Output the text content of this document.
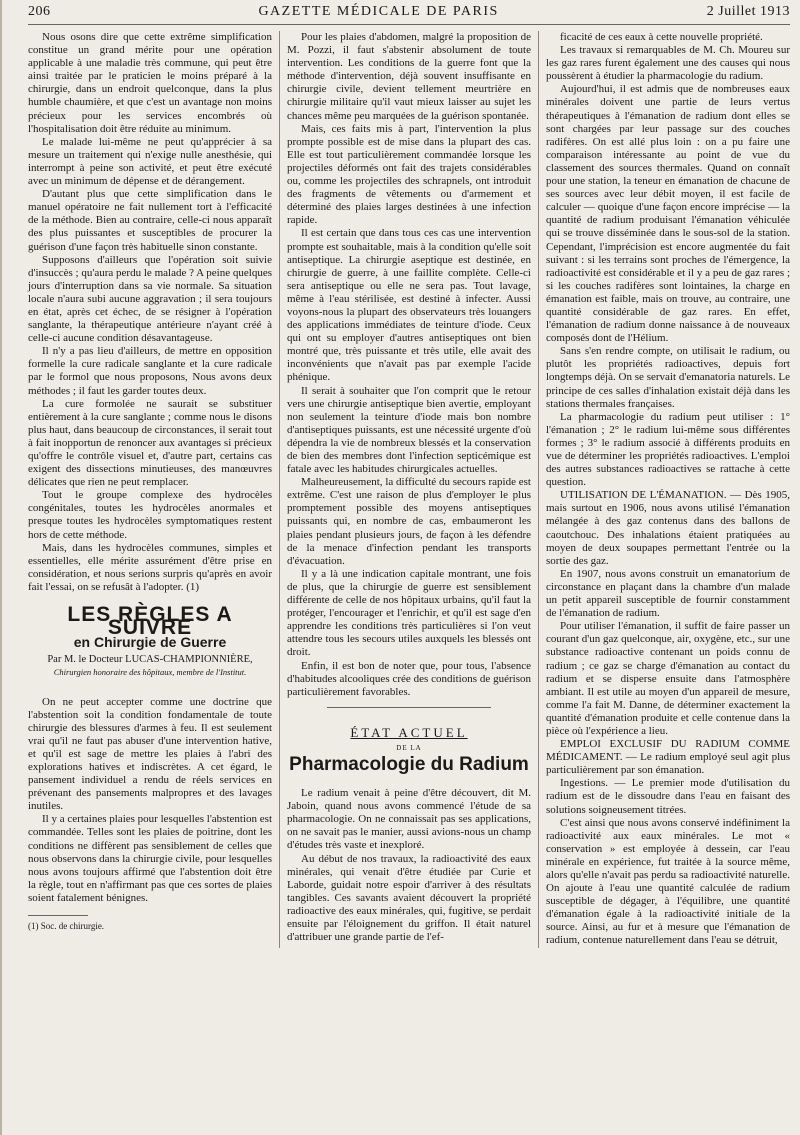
206	GAZETTE MÉDICALE DE PARIS	2 Juillet 1913

Nous osons dire que cette extrême simplification constitue un grand mérite pour une opération applicable à une maladie très commune, qui peut être ainsi traitée par le praticien le moins préparé à la chirurgie, dans un endroit quelconque, dans la plus humble chaumière, et que c'est un avantage non moins précieux pour les services encombrés où l'hospitalisation doit être réduite au minimum.

Le malade lui-même ne peut qu'apprécier à sa mesure un traitement qui n'exige nulle anesthésie, qui interrompt à peine son activité, et peut être exécuté avec un minimum de dépense et de dérangement.

D'autant plus que cette simplification dans le manuel opératoire ne fait nullement tort à l'efficacité de la méthode. Bien au contraire, celle-ci nous apparaît des plus puissantes et susceptibles de procurer la guérison d'une façon très habituelle sinon constante.

Supposons d'ailleurs que l'opération soit suivie d'insuccès ; qu'aura perdu le malade ? A peine quelques jours d'interruption dans sa vie normale. Sa situation locale n'aura subi aucune aggravation ; il sera toujours en état, après cet échec, de se résigner à l'opération sanglante, la thérapeutique antérieure n'ayant créé à celle-ci aucune condition désavantageuse.

Il n'y a pas lieu d'ailleurs, de mettre en opposition formelle la cure radicale sanglante et la cure radicale par le formol que nous proposons, Nous avons deux méthodes ; il faut les garder toutes deux.

La cure formolée ne saurait se substituer entièrement à la cure sanglante ; comme nous le disons plus haut, dans beaucoup de circonstances, il serait tout à fait inopportun de renoncer aux avantages si précieux qu'offre le contrôle visuel et, d'autre part, certains cas exigent des dissections minutieuses, des manœuvres délicates que rien ne peut remplacer.

Tout le groupe complexe des hydrocèles congénitales, toutes les hydrocèles anormales et presque toutes les hydrocèles symptomatiques restent hors de cette méthode.

Mais, dans les hydrocèles communes, simples et essentielles, elle mérite assurément d'être prise en considération, et nous serions surpris qu'après en avoir fait l'essai, on se refusât à l'adopter. (1)

LES RÈGLES A SUIVRE
en Chirurgie de Guerre
Par M. le Docteur LUCAS-CHAMPIONNIÈRE,
Chirurgien honoraire des hôpitaux, membre de l'Institut.

On ne peut accepter comme une doctrine que l'abstention soit la condition fondamentale de toute chirurgie des blessures d'armes à feu. Il est seulement vrai qu'il ne faut pas abuser d'une intervention hative, et qu'il est sage de mettre les plaies à l'abri des explorations hatives et indiscrètes. A cet égard, le pansement individuel a rendu de réels services en prévenant des pansements malpropres et des lavages inutiles.

Il y a certaines plaies pour lesquelles l'abstention est commandée. Telles sont les plaies de poitrine, dont les conditions ne diffèrent pas sensiblement de celles que nous observons dans la chirurgie civile, pour lesquelles nous avons toujours affirmé que l'abstention doit être la règle, tout en n'affirmant pas que ces sortes de plaies soient fatalement bénignes.

(1) Soc. de chirurgie.

Pour les plaies d'abdomen, malgré la proposition de M. Pozzi, il faut s'abstenir absolument de toute intervention. Les conditions de la guerre font que la méthode d'intervention, déjà souvent insuffisante en chirurgie civile, devient tellement meurtrière en chirurgie militaire qu'il vaut mieux laisser au sujet les chances même peu marquées de la guérison spontanée.

Mais, ces faits mis à part, l'intervention la plus prompte possible est de mise dans la plupart des cas. Elle est tout particulièrement commandée lorsque les projectiles déformés ont fait des trajets considérables ou, comme les projectiles des schrapnels, ont introduit des fragments de vêtements ou d'armement et déterminé des plaies larges destinées à une infection rapide.

Il est certain que dans tous ces cas une intervention prompte est souhaitable, mais à la condition qu'elle soit antiseptique. La chirurgie aseptique est destinée, en chirurgie de guerre, à une faillite complète. Celle-ci sera antiseptique ou elle ne sera pas. Tout lavage, même à l'eau stérilisée, est destiné à infecter. Aussi voyons-nous la plupart des observateurs très louangers des applications immédiates de teinture d'iode. Ceux qui ont su employer d'autres antiseptiques ont bien montré que, très puissante et très utile, elle avait des inconvénients que n'avait pas par exemple l'acide phénique.

Il serait à souhaiter que l'on comprit que le retour vers une chirurgie antiseptique bien avertie, employant non seulement la teinture d'iode mais bon nombre d'antiseptiques puissants, est une nécessité urgente d'où dépendra la vie de nombreux blessés et la conservation de bien des membres dont l'infection septicémique est fatale avec les habitudes chirurgicales actuelles.

Malheureusement, la difficulté du secours rapide est extrême. C'est une raison de plus d'employer le plus promptement possible des moyens antiseptiques puissants qui, en nombre de cas, embaumeront les plaies pendant plusieurs jours, de façon à les défendre de la menace d'infection pendant les transports d'évacuation.

Il y a là une indication capitale montrant, une fois de plus, que la chirurgie de guerre est sensiblement différente de celle de nos hôpitaux urbains, qu'il faut la protéger, l'encourager et l'enrichir, et qu'il est sage d'en apprendre les conditions très particulières si l'on veut attendre tous les secours utiles auxquels les blessés ont droit.

Enfin, il est bon de noter que, pour tous, l'absence d'habitudes alcooliques crée des conditions de guérison particulièrement favorables.

ÉTAT ACTUEL
DE LA
Pharmacologie du Radium

Le radium venait à peine d'être découvert, dit M. Jaboin, quand nous avons commencé l'étude de sa pharmacologie. On ne connaissait pas ses applications, on ne savait pas le manier, aussi avions-nous un champ d'études très vaste et inexploré.

Au début de nos travaux, la radioactivité des eaux minérales, qui venait d'être étudiée par Curie et Laborde, guidait notre espoir d'arriver à des résultats tangibles. Ces savants avaient découvert la propriété radioactive des eaux minérales, qui, fugitive, se perdait ensuite par l'éloignement du griffon. Il était naturel d'attribuer une grande partie de l'ef-

ficacité de ces eaux à cette nouvelle propriété.

Les travaux si remarquables de M. Ch. Moureu sur les gaz rares furent également une des causes qui nous poussèrent à étudier la pharmacologie du radium.

Aujourd'hui, il est admis que de nombreuses eaux minérales doivent une partie de leurs vertus thérapeutiques à l'émanation de radium dont elles se sont chargées par leur passage sur des couches radifères. On est allé plus loin : on a pu faire une comparaison intéressante au point de vue du classement des sources thermales. Quand on connaît pour une station, la teneur en émanation de chacune de ses sources avec leur débit moyen, il est facile de calculer — quoique d'une façon encore imprécise — la quantité de radium produisant l'émanation véhiculée qui se trouve disséminée dans le sous-sol de la station. Cependant, l'imprécision est encore augmentée du fait suivant : si les terrains sont proches de l'émergence, la radioactivité est considérable et il y a peu de gaz rares ; si les couches radifères sont lointaines, la charge en émanation est faible, mais on trouve, au contraire, une quantité considérable de gaz rares. En effet, l'émanation de radium donne naissance à de nouveaux composés dont de l'Hélium.

Sans s'en rendre compte, on utilisait le radium, ou plutôt les propriétés radioactives, depuis fort longtemps déjà. On se servait d'emanatoria naturels. Le principe de ces salles d'inhalation existait déjà dans les stations thermales françaises.

La pharmacologie du radium peut utiliser : 1° l'émanation ; 2° le radium lui-même sous différentes formes ; 3° le radium associé à différents produits en vue de déterminer les propriétés radioactives. L'emploi des autres substances radioactives se rattache à cette question.

UTILISATION DE L'ÉMANATION. — Dès 1905, mais surtout en 1906, nous avons utilisé l'émanation mélangée à des gaz contenus dans des ballons de caoutchouc. Des inhalations étaient pratiquées au moyen de deux soupapes permettant l'entrée ou la sortie des gaz.

En 1907, nous avons construit un emanatorium de circonstance en plaçant dans la chambre d'un malade un petit appareil susceptible de fournir constamment de l'émanation de radium.

Pour utiliser l'émanation, il suffit de faire passer un courant d'un gaz quelconque, air, oxygène, etc., sur une substance radioactive contenant un poids connu de radium ; ce gaz se charge d'émanation au contact du radium et se disperse ensuite dans l'atmosphère ambiant. Il est utile au moyen d'un appareil de mesure, comme l'a fait M. Danne, de déterminer exactement la quantité d'émanation produite et celle contenue dans la pièce où l'expérience a lieu.

EMPLOI EXCLUSIF DU RADIUM COMME MÉDICAMENT. — Le radium employé seul agit plus particulièrement par son émanation.

Ingestions. — Le premier mode d'utilisation du radium est de le dissoudre dans l'eau en faisant des solutions soigneusement titrées.

C'est ainsi que nous avons conservé indéfiniment la radioactivité aux eaux minérales. Le mot « conservation » est employée à dessein, car l'eau minérale en expérience, fut traitée à la source même, alors qu'elle n'avait pas perdu sa radioactivité naturelle. On ajoute à l'eau une quantité calculée de radium susceptible de dégager, à l'équilibre, une quantité d'émanation égale à la radioactivité initiale de la source. Ainsi, au fur et à mesure que l'émanation de radium, contenue naturellement dans l'eau se détruit,
